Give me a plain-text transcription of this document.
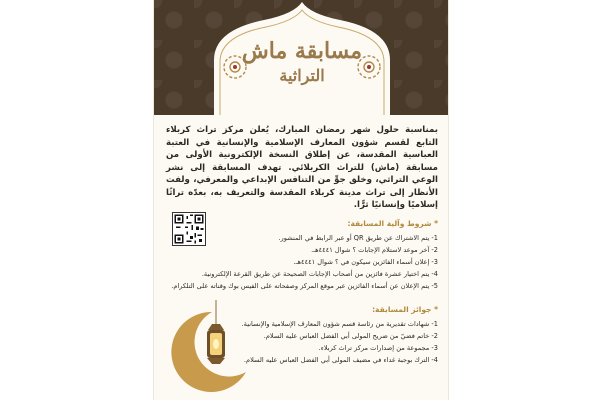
مسابقة ماش
التراثية

بمناسبة حلول شهر رمضان المبارك، يُعلن مركز تراث كربلاء التابع لقسم شؤون المعارف الإسلامية والإنسانية في العتبة العباسية المقدسة، عن إطلاق النسخة الإلكترونية الأولى من مسابقة (ماش) للتراث الكربلائي. تهدف المسابقة إلى نشر الوعي التراثي، وخلق جوٍّ من التنافس الإبداعي والمعرفي، ولفت الأنظار إلى تراث مدينة كربلاء المقدسة والتعريف به، بعدّه تراثًا إسلاميًا وإنسانيًا ثرًّا.

* شروط وآلية المسابقة:
1- يتم الاشتراك عن طريق QR أو عبر الرابط في المنشور.
2- آخر موعد لاستلام الإجابات ؟ شوال ٤٤٤١هـ.
3- إعلان أسماء الفائزين سيكون في ؟ شوال ٤٤٤١هـ.
4- يتم اختيار عشرة فائزين من أصحاب الإجابات الصحيحة عن طريق القرعة الإلكترونية.
5- يتم الإعلان عن أسماء الفائزين عبر موقع المركز وصفحاته على الفيس بوك وقناته على التلكرام.
* جوائز المسابقة:
1- شهادات تقديرية من رئاسة قسم شؤون المعارف الإسلامية والإنسانية.
2- خاتم فضيّ من ضريح المولى أبي الفضل العباس عليه السلام.
3- مجموعة من إصدارات مركز تراث كربلاء.
4- الترك بوجبة غداء في مضيف المولى أبي الفضل العباس عليه السلام.
